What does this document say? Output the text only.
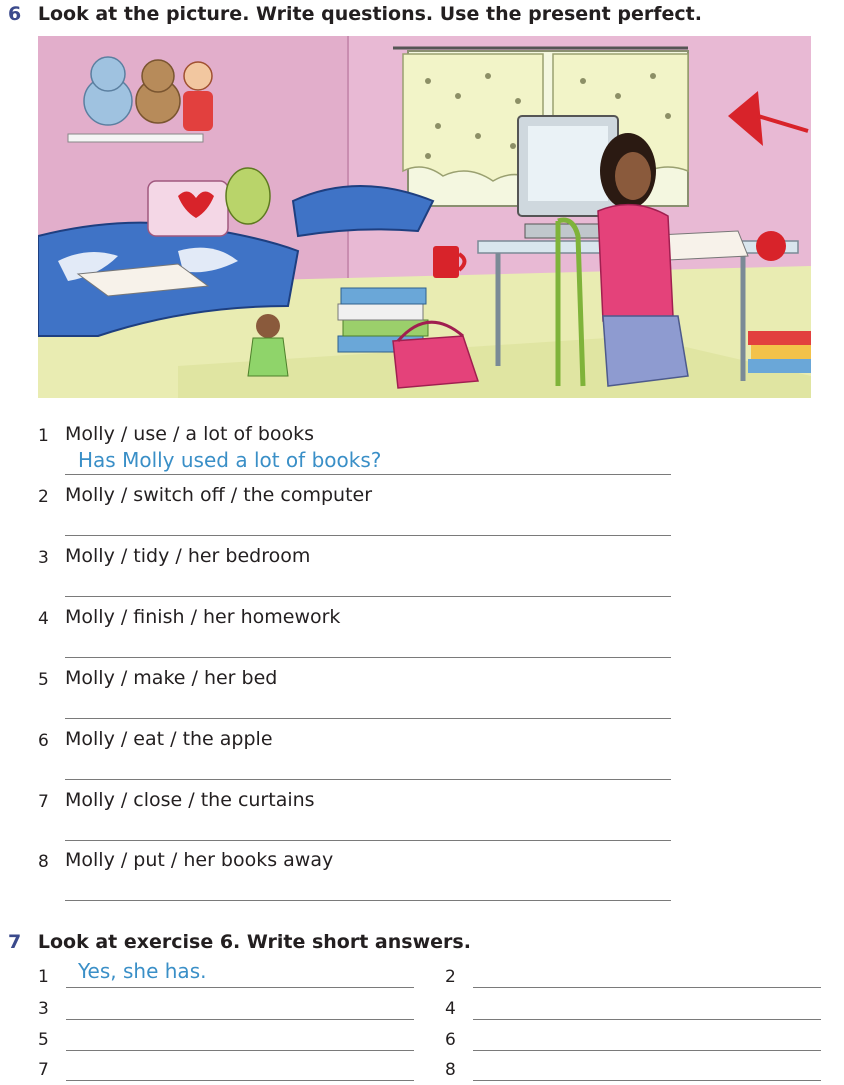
6 Look at the picture. Write questions. Use the present perfect.
1 Molly / use / a lot of books
Has Molly used a lot of books?
2 Molly / switch off / the computer
3 Molly / tidy / her bedroom
4 Molly / finish / her homework
5 Molly / make / her bed
6 Molly / eat / the apple
7 Molly / close / the curtains
8 Molly / put / her books away
7 Look at exercise 6. Write short answers.
1 Yes, she has.	2
3	4
5	6
7	8
